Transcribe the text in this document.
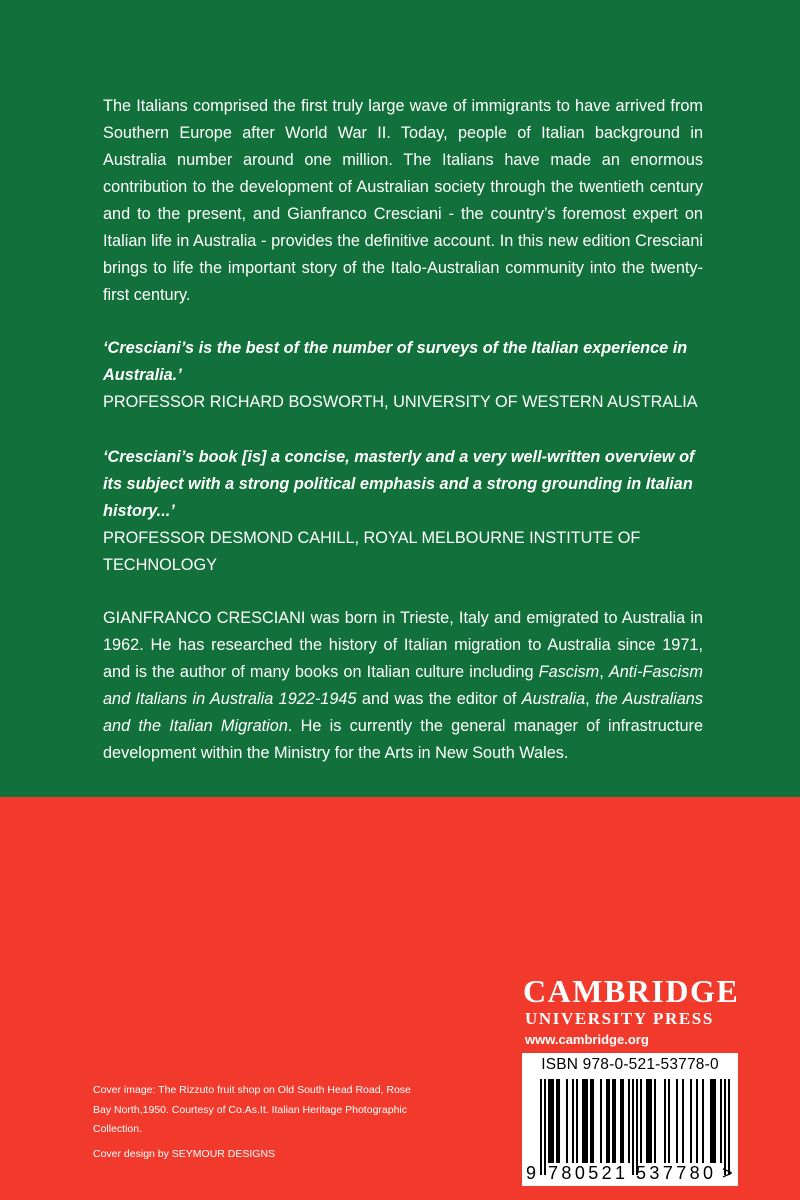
The Italians comprised the first truly large wave of immigrants to have arrived from Southern Europe after World War II. Today, people of Italian background in Australia number around one million. The Italians have made an enormous contribution to the development of Australian society through the twentieth century and to the present, and Gianfranco Cresciani - the country’s foremost expert on Italian life in Australia - provides the definitive account. In this new edition Cresciani brings to life the important story of the Italo-Australian community into the twenty-first century.

‘Cresciani’s is the best of the number of surveys of the Italian experience in Australia.’

PROFESSOR RICHARD BOSWORTH, UNIVERSITY OF WESTERN AUSTRALIA

‘Cresciani’s book [is] a concise, masterly and a very well-written overview of its subject with a strong political emphasis and a strong grounding in Italian history...’

PROFESSOR DESMOND CAHILL, ROYAL MELBOURNE INSTITUTE OF TECHNOLOGY

GIANFRANCO CRESCIANI was born in Trieste, Italy and emigrated to Australia in 1962. He has researched the history of Italian migration to Australia since 1971, and is the author of many books on Italian culture including Fascism, Anti-Fascism and Italians in Australia 1922-1945 and was the editor of Australia, the Australians and the Italian Migration. He is currently the general manager of infrastructure development within the Ministry for the Arts in New South Wales.

Cover image: The Rizzuto fruit shop on Old South Head Road, Rose Bay North,1950. Courtesy of Co.As.It. Italian Heritage Photographic Collection.

Cover design by SEYMOUR DESIGNS

CAMBRIDGE
UNIVERSITY PRESS
www.cambridge.org
ISBN 978-0-521-53778-0
9 780521 537780 >
